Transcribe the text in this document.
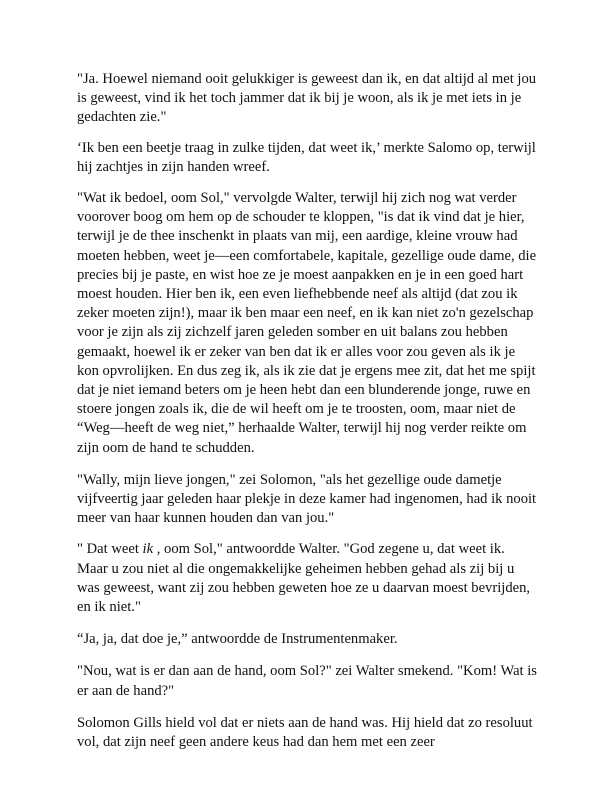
"Ja. Hoewel niemand ooit gelukkiger is geweest dan ik, en dat altijd al met jou is geweest, vind ik het toch jammer dat ik bij je woon, als ik je met iets in je gedachten zie."

‘Ik ben een beetje traag in zulke tijden, dat weet ik,’ merkte Salomo op, terwijl hij zachtjes in zijn handen wreef.

"Wat ik bedoel, oom Sol," vervolgde Walter, terwijl hij zich nog wat verder voorover boog om hem op de schouder te kloppen, "is dat ik vind dat je hier, terwijl je de thee inschenkt in plaats van mij, een aardige, kleine vrouw had moeten hebben, weet je—een comfortabele, kapitale, gezellige oude dame, die precies bij je paste, en wist hoe ze je moest aanpakken en je in een goed hart moest houden. Hier ben ik, een even liefhebbende neef als altijd (dat zou ik zeker moeten zijn!), maar ik ben maar een neef, en ik kan niet zo'n gezelschap voor je zijn als zij zichzelf jaren geleden somber en uit balans zou hebben gemaakt, hoewel ik er zeker van ben dat ik er alles voor zou geven als ik je kon opvrolijken. En dus zeg ik, als ik zie dat je ergens mee zit, dat het me spijt dat je niet iemand beters om je heen hebt dan een blunderende jonge, ruwe en stoere jongen zoals ik, die de wil heeft om je te troosten, oom, maar niet de “Weg—heeft de weg niet,” herhaalde Walter, terwijl hij nog verder reikte om zijn oom de hand te schudden.

"Wally, mijn lieve jongen," zei Solomon, "als het gezellige oude dametje vijfveertig jaar geleden haar plekje in deze kamer had ingenomen, had ik nooit meer van haar kunnen houden dan van jou."

" Dat weet ik , oom Sol," antwoordde Walter. "God zegene u, dat weet ik. Maar u zou niet al die ongemakkelijke geheimen hebben gehad als zij bij u was geweest, want zij zou hebben geweten hoe ze u daarvan moest bevrijden, en ik niet."

“Ja, ja, dat doe je,” antwoordde de Instrumentenmaker.

"Nou, wat is er dan aan de hand, oom Sol?" zei Walter smekend. "Kom! Wat is er aan de hand?"

Solomon Gills hield vol dat er niets aan de hand was. Hij hield dat zo resoluut vol, dat zijn neef geen andere keus had dan hem met een zeer
